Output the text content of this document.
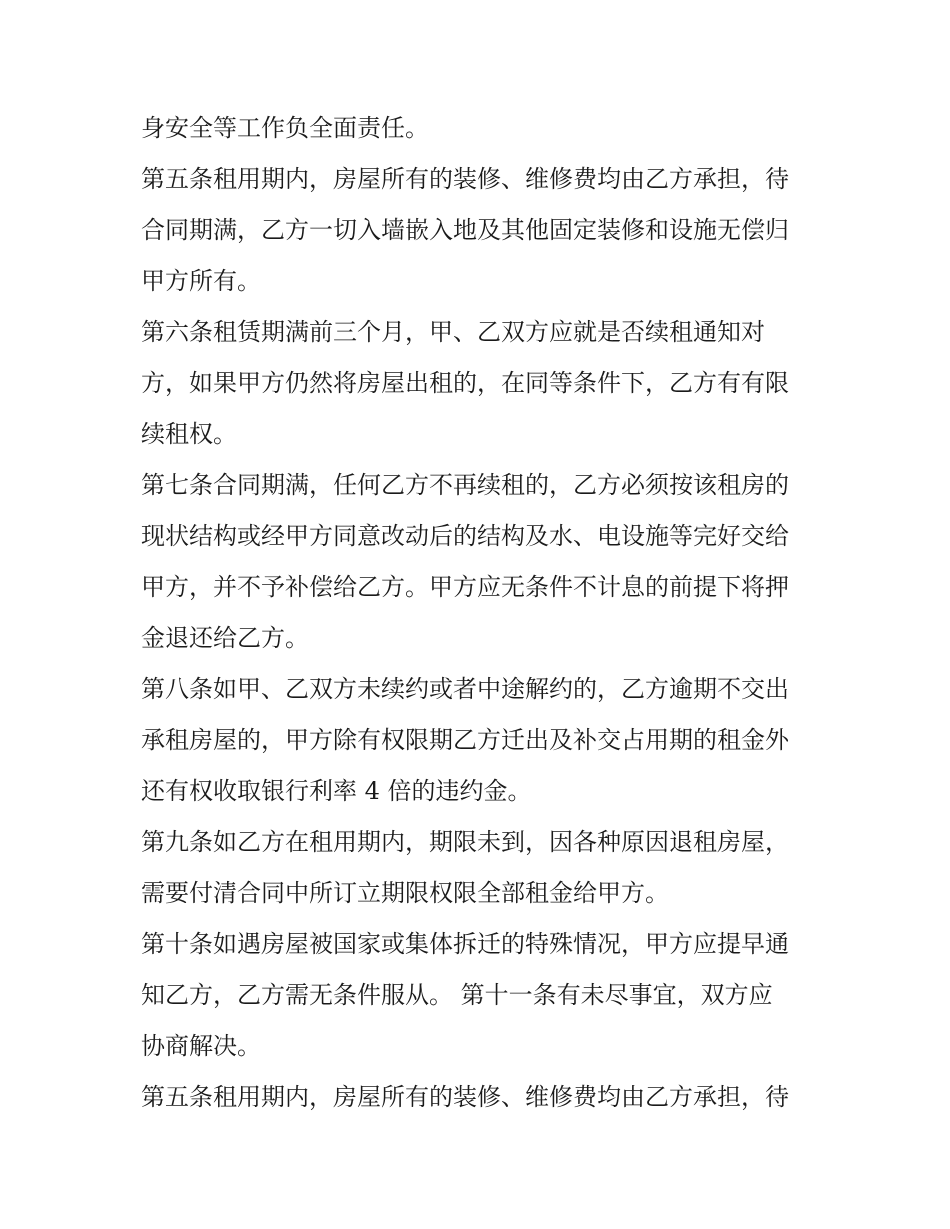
身安全等工作负全面责任。
第五条租用期内，房屋所有的装修、维修费均由乙方承担，待
合同期满，乙方一切入墙嵌入地及其他固定装修和设施无偿归
甲方所有。
第六条租赁期满前三个月，甲、乙双方应就是否续租通知对
方，如果甲方仍然将房屋出租的，在同等条件下，乙方有有限
续租权。
第七条合同期满，任何乙方不再续租的，乙方必须按该租房的
现状结构或经甲方同意改动后的结构及水、电设施等完好交给
甲方，并不予补偿给乙方。甲方应无条件不计息的前提下将押
金退还给乙方。
第八条如甲、乙双方未续约或者中途解约的，乙方逾期不交出
承租房屋的，甲方除有权限期乙方迁出及补交占用期的租金外
还有权收取银行利率 4 倍的违约金。
第九条如乙方在租用期内，期限未到，因各种原因退租房屋，
需要付清合同中所订立期限权限全部租金给甲方。
第十条如遇房屋被国家或集体拆迁的特殊情况，甲方应提早通
知乙方，乙方需无条件服从。 第十一条有未尽事宜，双方应
协商解决。
第五条租用期内，房屋所有的装修、维修费均由乙方承担，待
